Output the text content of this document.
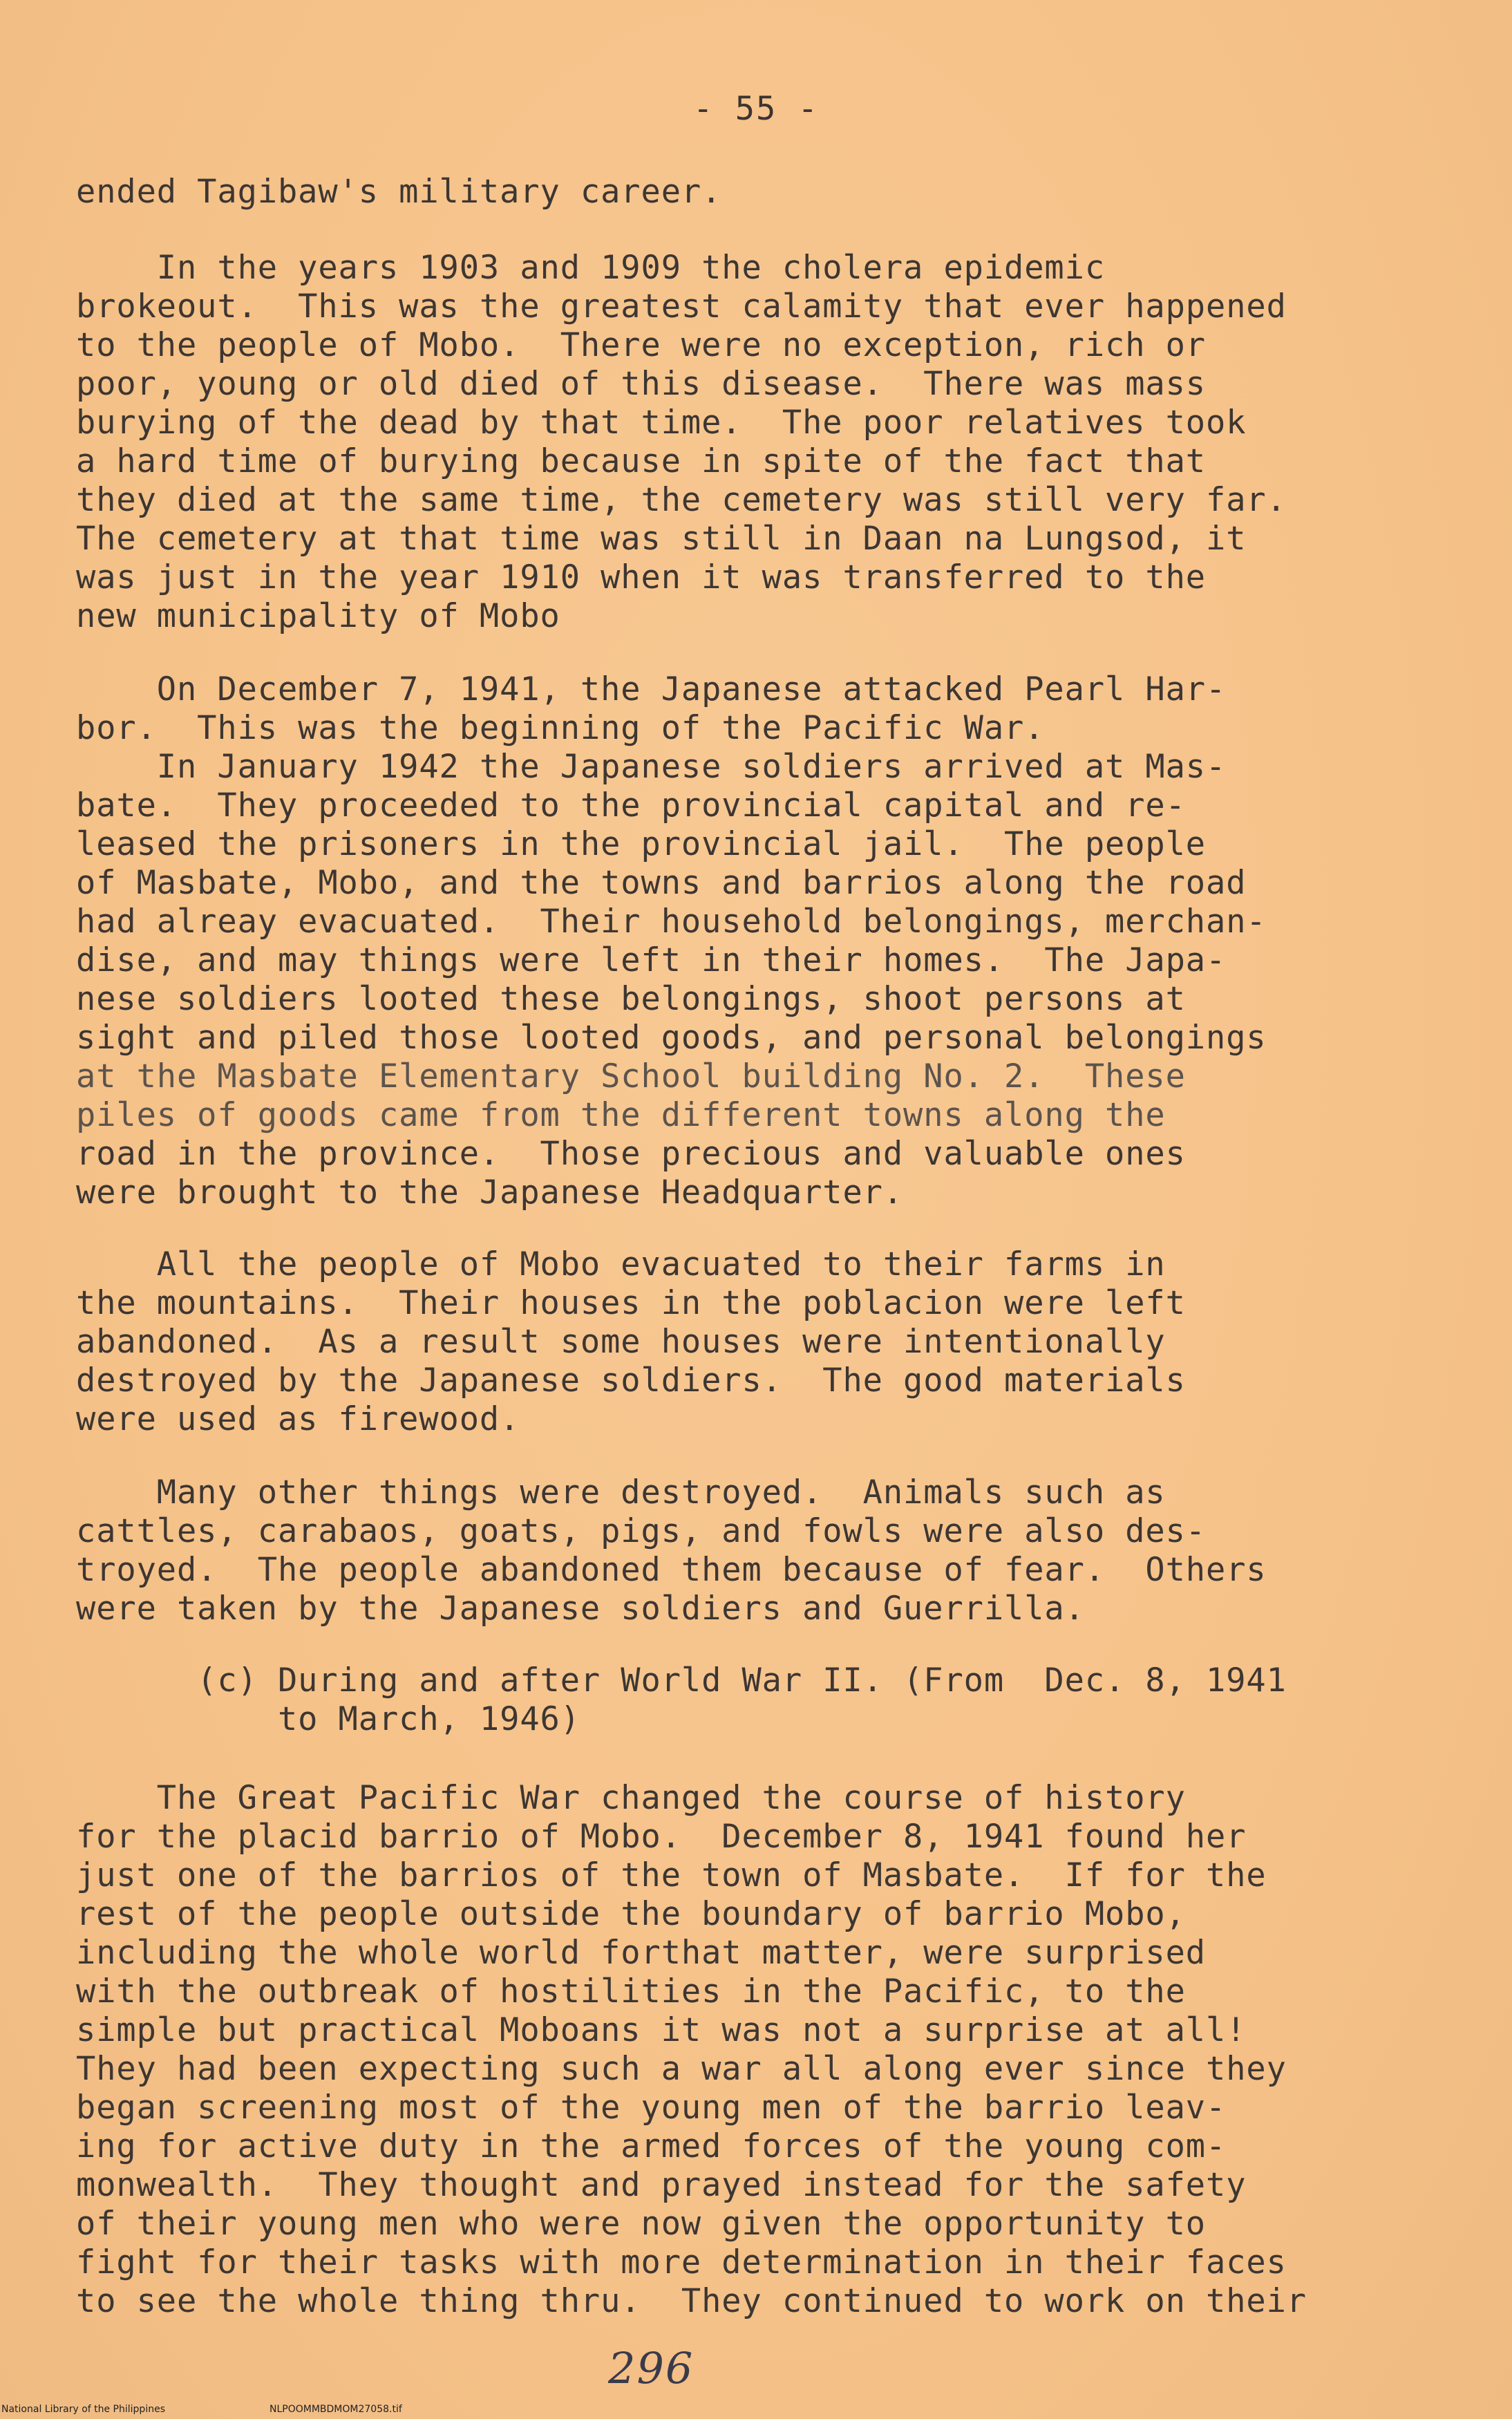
- 55 -
ended Tagibaw's military career.
In the years 1903 and 1909 the cholera epidemic
brokeout.  This was the greatest calamity that ever happened
to the people of Mobo.  There were no exception, rich or
poor, young or old died of this disease.  There was mass
burying of the dead by that time.  The poor relatives took
a hard time of burying because in spite of the fact that
they died at the same time, the cemetery was still very far.
The cemetery at that time was still in Daan na Lungsod, it
was just in the year 1910 when it was transferred to the
new municipality of Mobo
On December 7, 1941, the Japanese attacked Pearl Har-
bor.  This was the beginning of the Pacific War.
In January 1942 the Japanese soldiers arrived at Mas-
bate.  They proceeded to the provincial capital and re-
leased the prisoners in the provincial jail.  The people
of Masbate, Mobo, and the towns and barrios along the road
had alreay evacuated.  Their household belongings, merchan-
dise, and may things were left in their homes.  The Japa-
nese soldiers looted these belongings, shoot persons at
sight and piled those looted goods, and personal belongings
at the Masbate Elementary School building No. 2.  These
piles of goods came from the different towns along the
road in the province.  Those precious and valuable ones
were brought to the Japanese Headquarter.
All the people of Mobo evacuated to their farms in
the mountains.  Their houses in the poblacion were left
abandoned.  As a result some houses were intentionally
destroyed by the Japanese soldiers.  The good materials
were used as firewood.
Many other things were destroyed.  Animals such as
cattles, carabaos, goats, pigs, and fowls were also des-
troyed.  The people abandoned them because of fear.  Others
were taken by the Japanese soldiers and Guerrilla.
(c) During and after World War II. (From  Dec. 8, 1941
to March, 1946)
The Great Pacific War changed the course of history
for the placid barrio of Mobo.  December 8, 1941 found her
just one of the barrios of the town of Masbate.  If for the
rest of the people outside the boundary of barrio Mobo,
including the whole world forthat matter, were surprised
with the outbreak of hostilities in the Pacific, to the
simple but practical Moboans it was not a surprise at all!
They had been expecting such a war all along ever since they
began screening most of the young men of the barrio leav-
ing for active duty in the armed forces of the young com-
monwealth.  They thought and prayed instead for the safety
of their young men who were now given the opportunity to
fight for their tasks with more determination in their faces
to see the whole thing thru.  They continued to work on their
296
National Library of the Philippines	NLPOOMMBDMOM27058.tif
